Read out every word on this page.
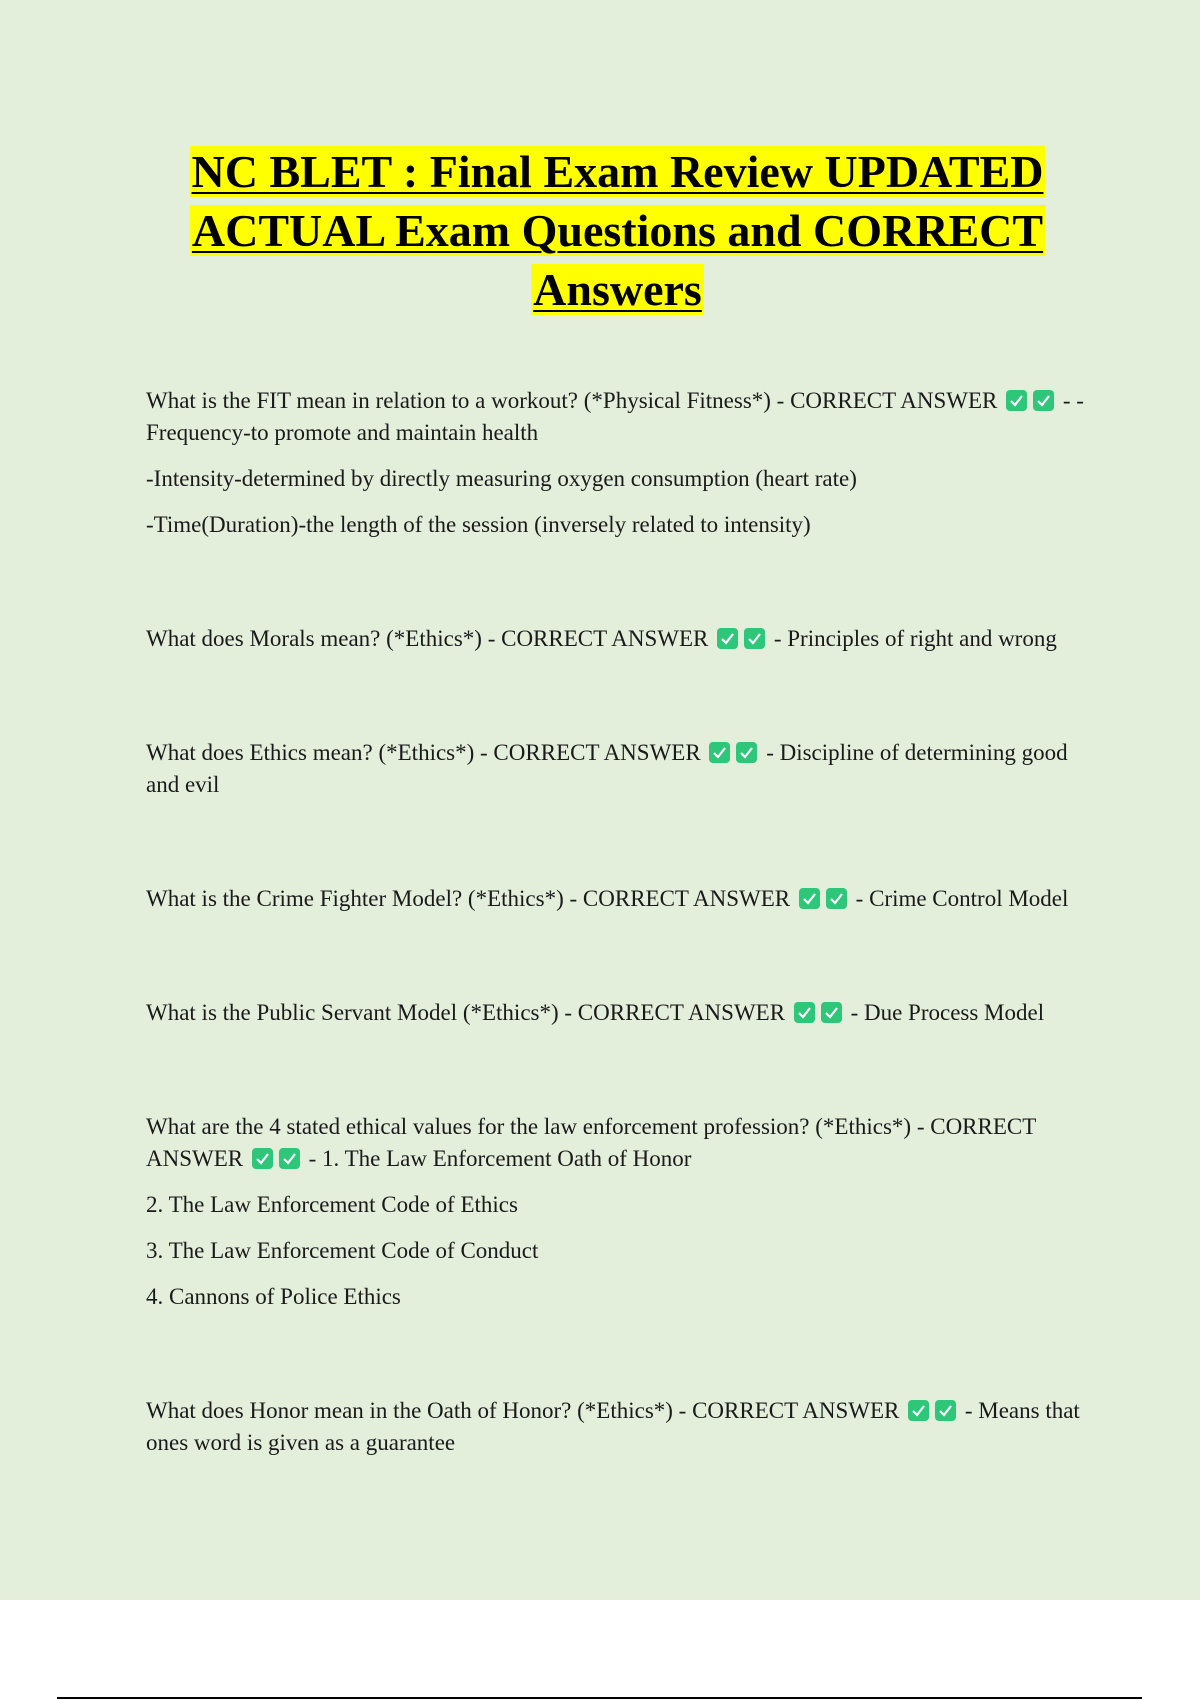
NC BLET : Final Exam Review UPDATED
ACTUAL Exam Questions and CORRECT
Answers
What is the FIT mean in relation to a workout? (*Physical Fitness*) - CORRECT ANSWER	- -Frequency-to promote and maintain health
-Intensity-determined by directly measuring oxygen consumption (heart rate)
-Time(Duration)-the length of the session (inversely related to intensity)
What does Morals mean? (*Ethics*) - CORRECT ANSWER	- Principles of right and wrong
What does Ethics mean? (*Ethics*) - CORRECT ANSWER	- Discipline of determining good and evil
What is the Crime Fighter Model? (*Ethics*) - CORRECT ANSWER	- Crime Control Model
What is the Public Servant Model (*Ethics*) - CORRECT ANSWER	- Due Process Model
What are the 4 stated ethical values for the law enforcement profession? (*Ethics*) - CORRECT ANSWER	- 1. The Law Enforcement Oath of Honor
2. The Law Enforcement Code of Ethics
3. The Law Enforcement Code of Conduct
4. Cannons of Police Ethics
What does Honor mean in the Oath of Honor? (*Ethics*) - CORRECT ANSWER	- Means that ones word is given as a guarantee
